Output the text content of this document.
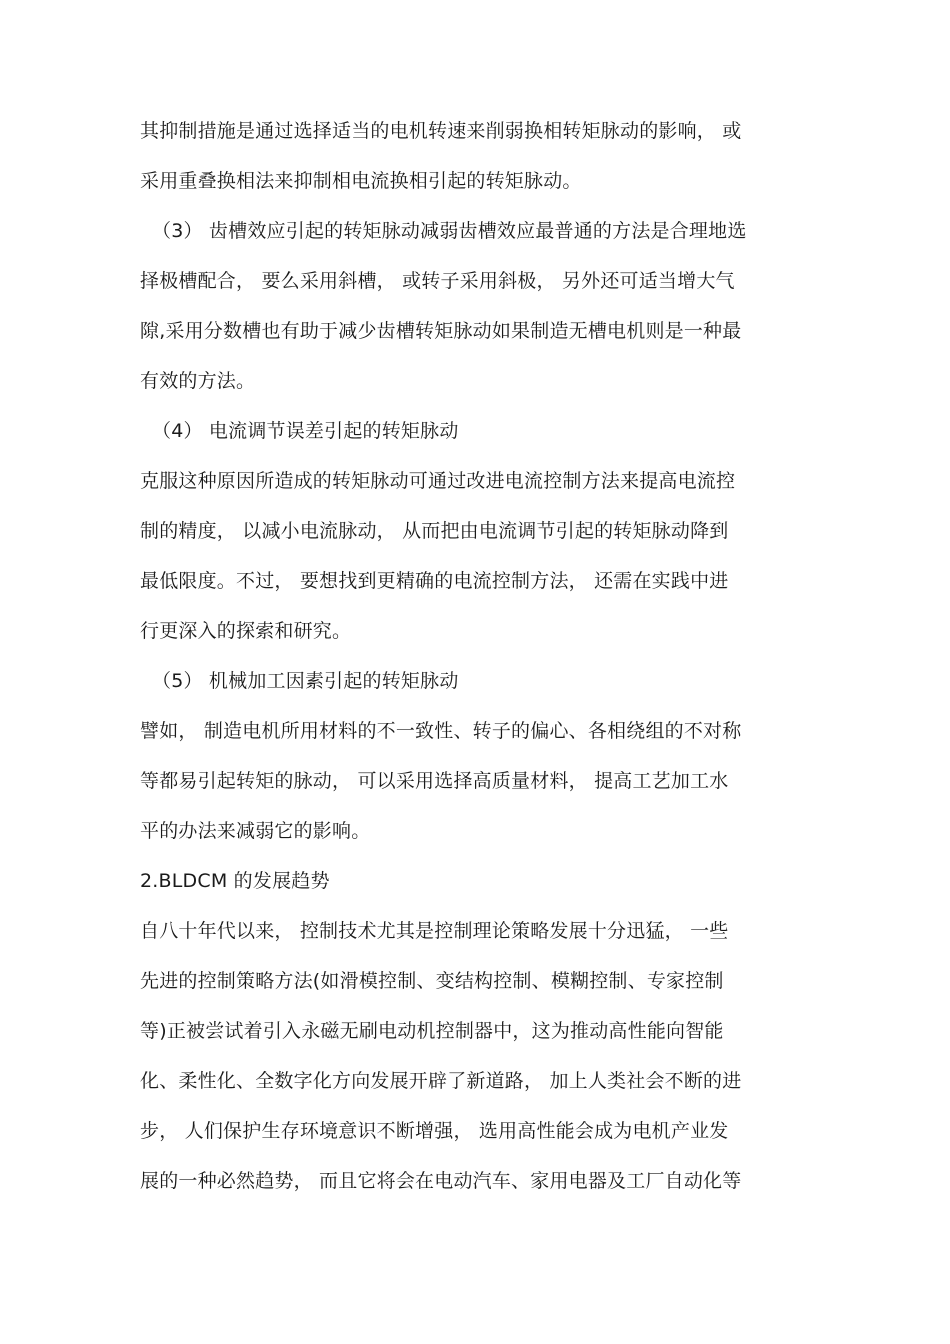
其抑制措施是通过选择适当的电机转速来削弱换相转矩脉动的影响， 或
采用重叠换相法来抑制相电流换相引起的转矩脉动。
（3） 齿槽效应引起的转矩脉动减弱齿槽效应最普通的方法是合理地选
择极槽配合， 要么采用斜槽， 或转子采用斜极， 另外还可适当增大气
隙,采用分数槽也有助于减少齿槽转矩脉动如果制造无槽电机则是一种最
有效的方法。
（4） 电流调节误差引起的转矩脉动
克服这种原因所造成的转矩脉动可通过改进电流控制方法来提高电流控
制的精度， 以减小电流脉动， 从而把由电流调节引起的转矩脉动降到
最低限度。不过， 要想找到更精确的电流控制方法， 还需在实践中进
行更深入的探索和研究。
（5） 机械加工因素引起的转矩脉动
譬如， 制造电机所用材料的不一致性、转子的偏心、各相绕组的不对称
等都易引起转矩的脉动， 可以采用选择高质量材料， 提高工艺加工水
平的办法来减弱它的影响。
2.BLDCM 的发展趋势
自八十年代以来， 控制技术尤其是控制理论策略发展十分迅猛， 一些
先进的控制策略方法(如滑模控制、变结构控制、模糊控制、专家控制
等)正被尝试着引入永磁无刷电动机控制器中，这为推动高性能向智能
化、柔性化、全数字化方向发展开辟了新道路， 加上人类社会不断的进
步， 人们保护生存环境意识不断增强， 选用高性能会成为电机产业发
展的一种必然趋势， 而且它将会在电动汽车、家用电器及工厂自动化等
